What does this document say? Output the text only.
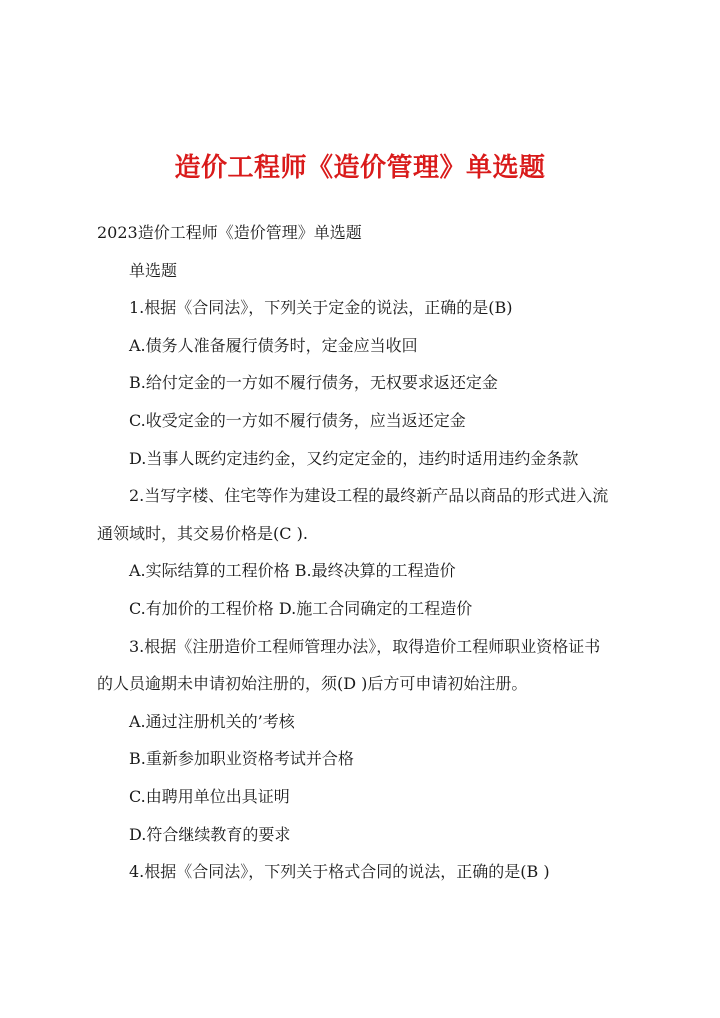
造价工程师《造价管理》单选题
2023造价工程师《造价管理》单选题
单选题
1.根据《合同法》，下列关于定金的说法，正确的是(B)
A.债务人准备履行债务时，定金应当收回
B.给付定金的一方如不履行债务，无权要求返还定金
C.收受定金的一方如不履行债务，应当返还定金
D.当事人既约定违约金，又约定定金的，违约时适用违约金条款
2.当写字楼、住宅等作为建设工程的最终新产品以商品的形式进入流
通领域时，其交易价格是(C ).
A.实际结算的工程价格 B.最终决算的工程造价
C.有加价的工程价格 D.施工合同确定的工程造价
3.根据《注册造价工程师管理办法》，取得造价工程师职业资格证书
的人员逾期未申请初始注册的，须(D )后方可申请初始注册。
A.通过注册机关的’考核
B.重新参加职业资格考试并合格
C.由聘用单位出具证明
D.符合继续教育的要求
4.根据《合同法》，下列关于格式合同的说法，正确的是(B )
